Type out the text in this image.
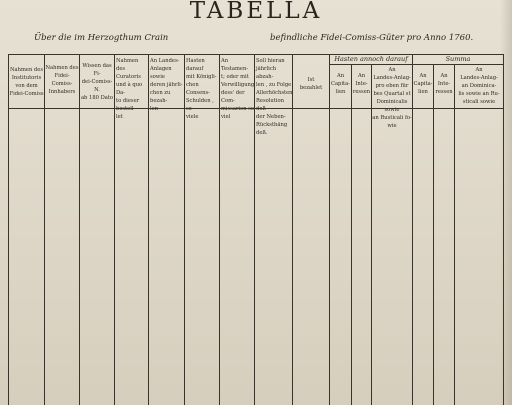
TABELLA
Über die im Herzogthum Crain	befindliche Fidei-Comiss-Güter pro Anno 1760.
Hasten annoch darauf	Summa
Nahmen des
Institutoris
von dem
Fidei-Comiss
Nahmen des
Fidei-Comiss-
Innhabers
Wissen das Fi-
dei-Comiss-
N.
ab 180 Dato
Nahmen des
Curatoris
und à quo Da-
to dieser bestell-
let
An Landes-
Anlagen sowie
deren jährli-
chen zu bezah-
len
Hasten darauf
mit Königli-
chen Consens-
Schulden , so
viele
An Testamen-
t; oder mit
Verwilligung
dess' der Com-
missarien so
viel
Soll hieran
jährlich abzah-
len , zu Folge
Allerhöchsten
Resolution deß
der Neben-
Rücksthäng deß.
Ist
bezahlet
An
Capita-
lien
An
Inte-
ressen
An
Landes-Anlag-
pro eben für
bes Quartal st
Dominicalis sowie
an Rusticali fo-
wie
An
Capita-
lien
An
Inte-
ressen
An
Landes-Anlag-
an Dominica-
lis sowie an Ru-
sticali sowie
